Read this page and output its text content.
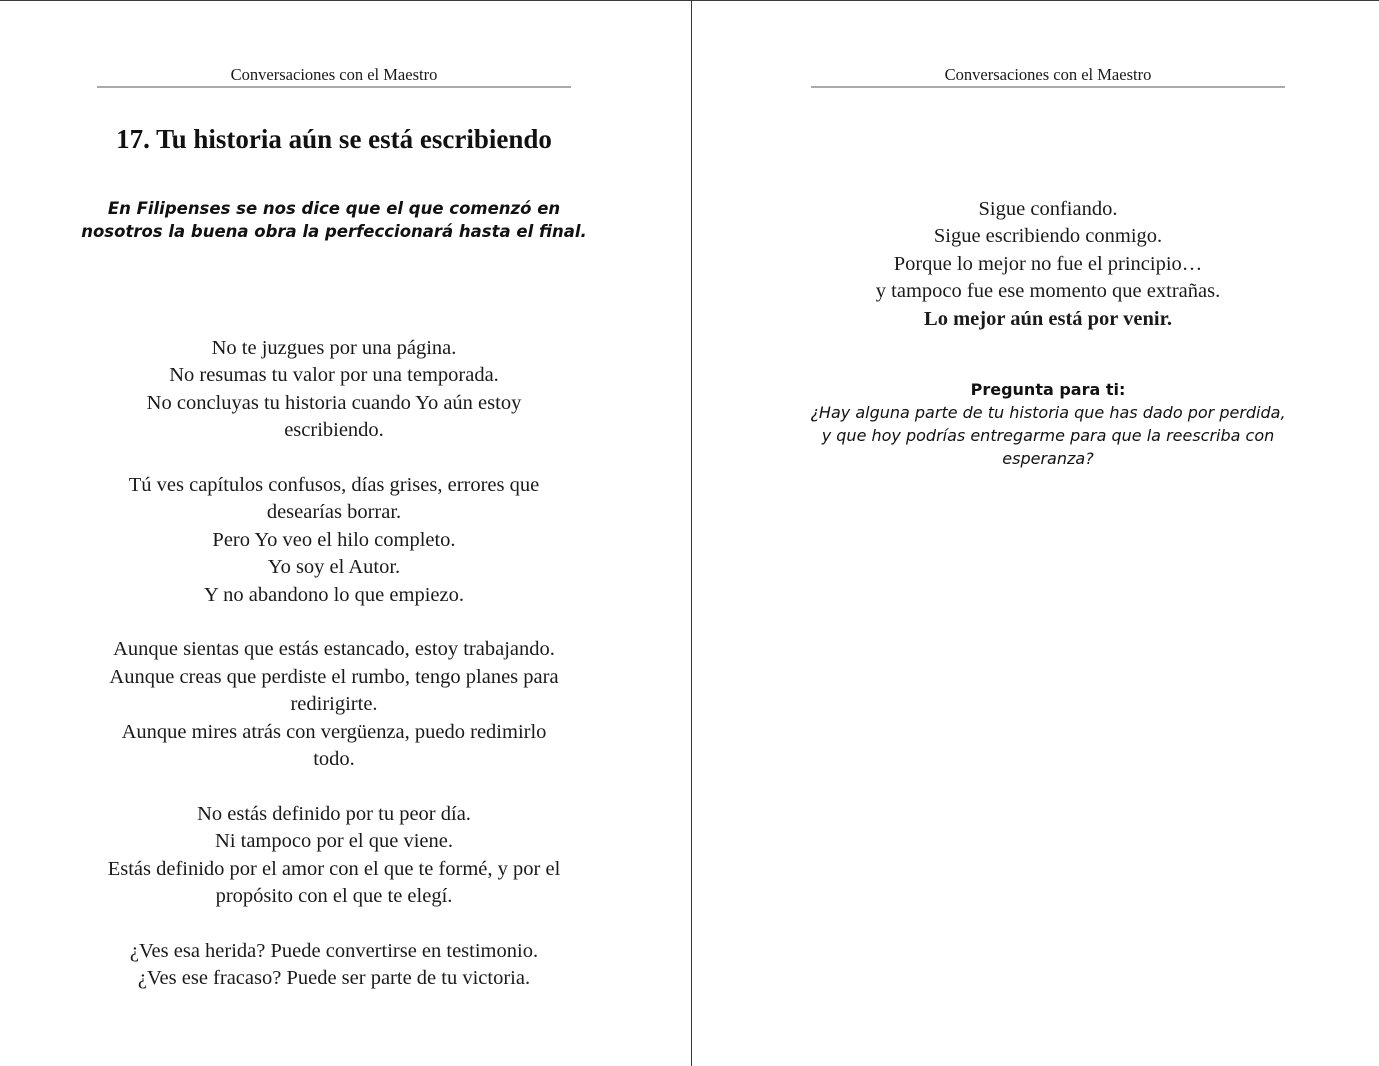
Conversaciones con el Maestro
17. Tu historia aún se está escribiendo
En Filipenses se nos dice que el que comenzó en
nosotros la buena obra la perfeccionará hasta el final.
No te juzgues por una página.
No resumas tu valor por una temporada.
No concluyas tu historia cuando Yo aún estoy
escribiendo.
Tú ves capítulos confusos, días grises, errores que
desearías borrar.
Pero Yo veo el hilo completo.
Yo soy el Autor.
Y no abandono lo que empiezo.
Aunque sientas que estás estancado, estoy trabajando.
Aunque creas que perdiste el rumbo, tengo planes para
redirigirte.
Aunque mires atrás con vergüenza, puedo redimirlo
todo.
No estás definido por tu peor día.
Ni tampoco por el que viene.
Estás definido por el amor con el que te formé, y por el
propósito con el que te elegí.
¿Ves esa herida? Puede convertirse en testimonio.
¿Ves ese fracaso? Puede ser parte de tu victoria.
Conversaciones con el Maestro
Sigue confiando.
Sigue escribiendo conmigo.
Porque lo mejor no fue el principio…
y tampoco fue ese momento que extrañas.
Lo mejor aún está por venir.
Pregunta para ti:
¿Hay alguna parte de tu historia que has dado por perdida,
y que hoy podrías entregarme para que la reescriba con
esperanza?
